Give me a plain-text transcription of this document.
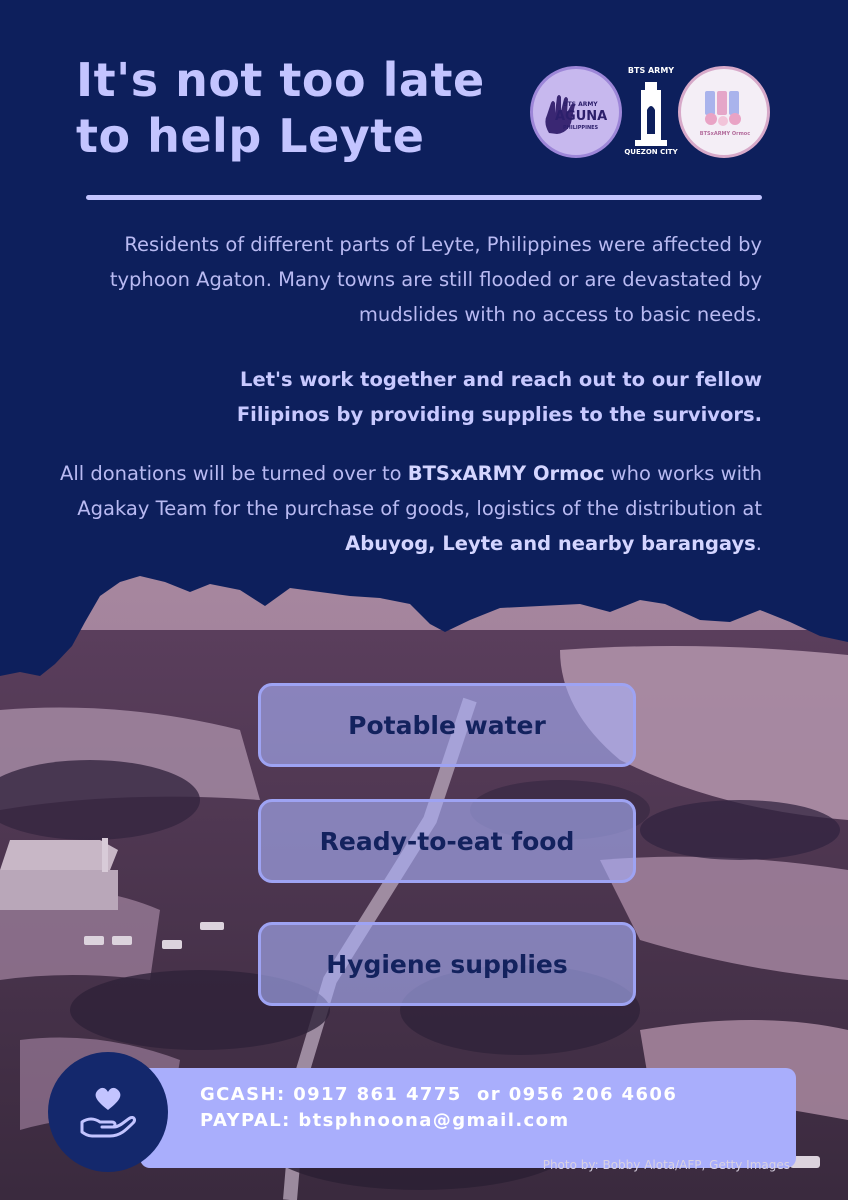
It's not too late
to help Leyte
BTS ARMY
AGUNA
PHILIPPINES
BTS ARMY
QUEZON CITY
BTSxARMY Ormoc

Residents of different parts of Leyte, Philippines were affected by typhoon Agaton. Many towns are still flooded or are devastated by mudslides with no access to basic needs.

Let's work together and reach out to our fellow
Filipinos by providing supplies to the survivors.

All donations will be turned over to BTSxARMY Ormoc who works with Agakay Team for the purchase of goods, logistics of the distribution at Abuyog, Leyte and nearby barangays.

Potable water
Ready-to-eat food
Hygiene supplies
GCASH: 0917 861 4775  or 0956 206 4606
PAYPAL: btsphnoona@gmail.com
Photo by: Bobby Alota/AFP, Getty Images
